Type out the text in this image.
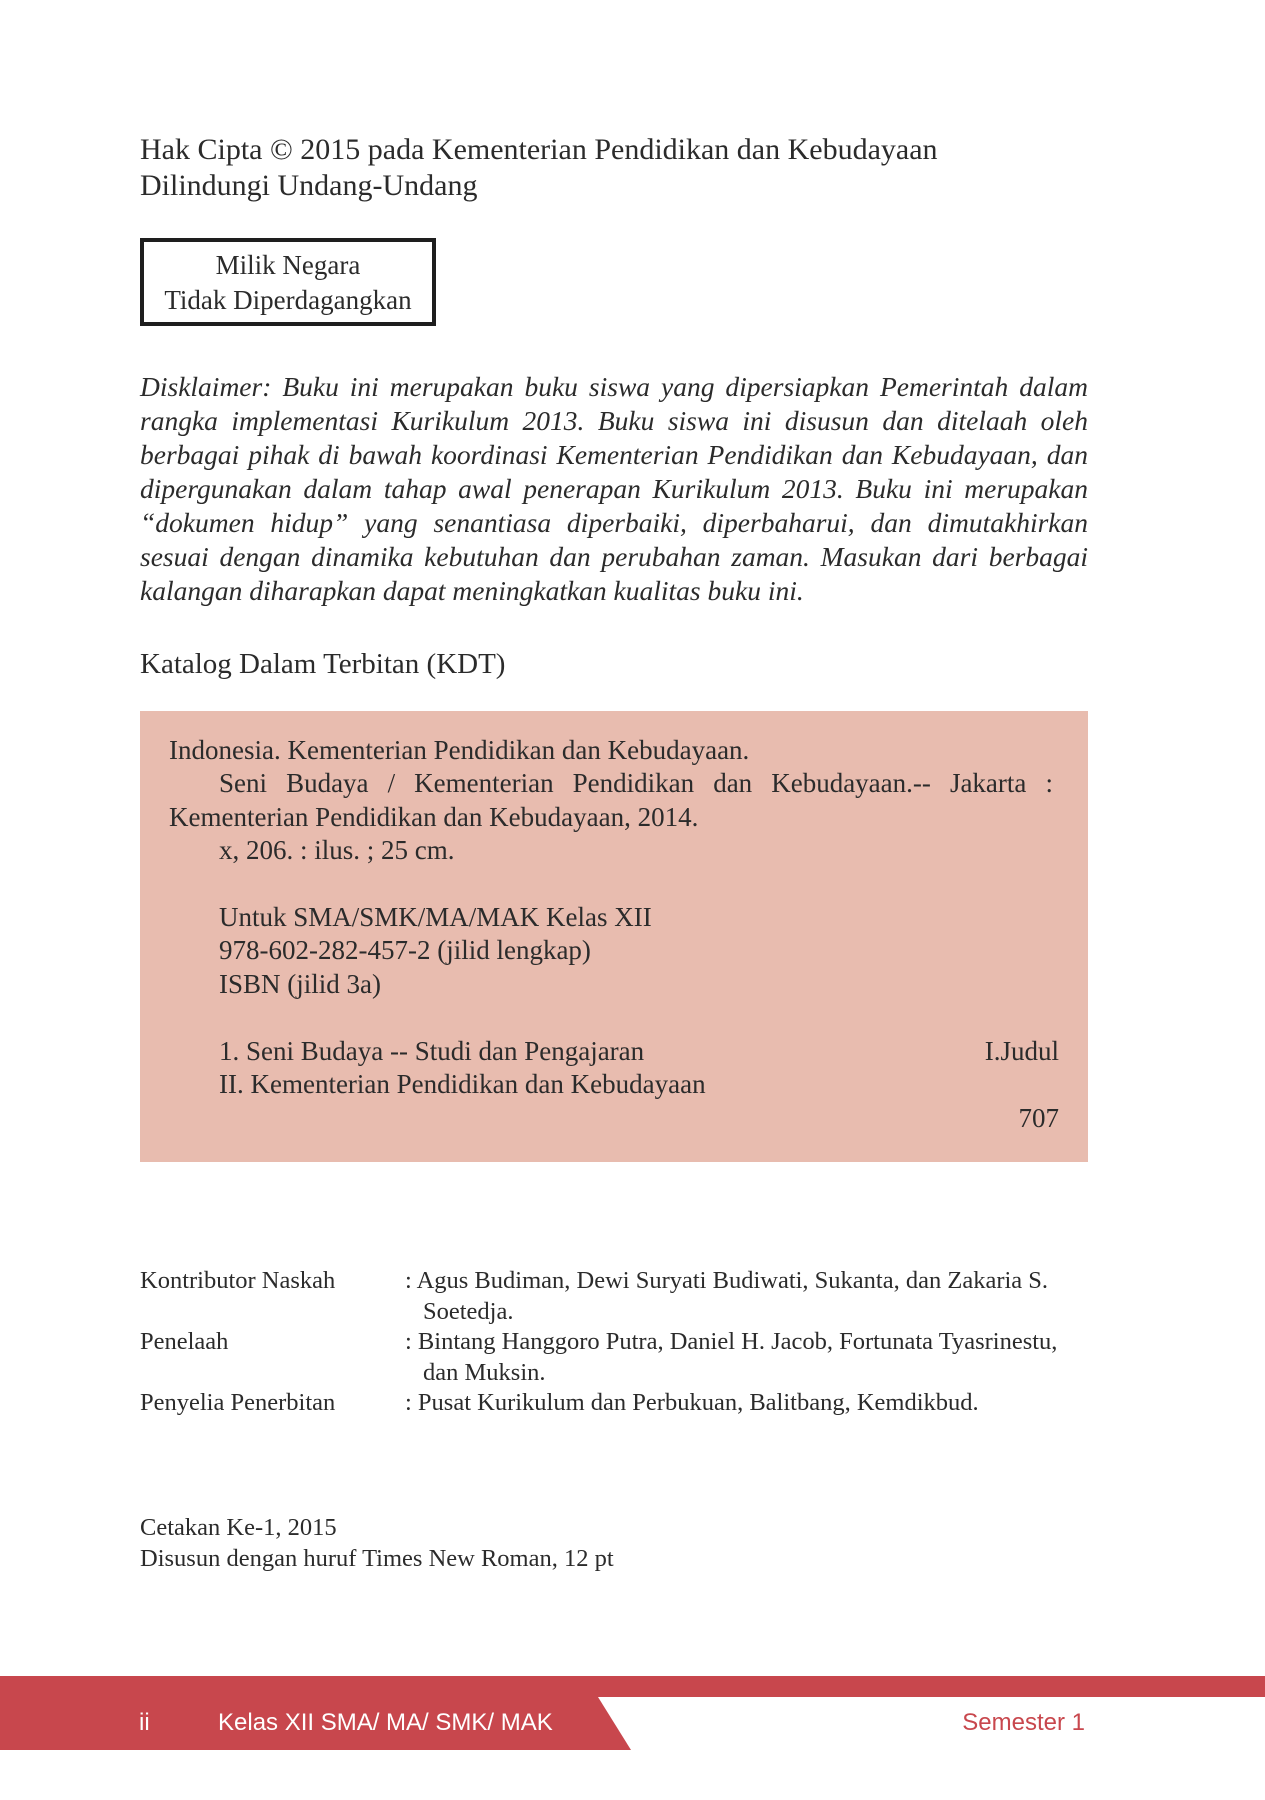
Hak Cipta © 2015 pada Kementerian Pendidikan dan Kebudayaan
Dilindungi Undang-Undang
Milik Negara
Tidak Diperdagangkan
Disklaimer: Buku ini merupakan buku siswa yang dipersiapkan Pemerintah dalam rangka implementasi Kurikulum 2013. Buku siswa ini disusun dan ditelaah oleh berbagai pihak di bawah koordinasi Kementerian Pendidikan dan Kebudayaan, dan dipergunakan dalam tahap awal penerapan Kurikulum 2013. Buku ini merupakan “dokumen hidup” yang senantiasa diperbaiki, diperbaharui, dan dimutakhirkan sesuai dengan dinamika kebutuhan dan perubahan zaman. Masukan dari berbagai kalangan diharapkan dapat meningkatkan kualitas buku ini.
Katalog Dalam Terbitan (KDT)
Indonesia. Kementerian Pendidikan dan Kebudayaan.
Seni Budaya / Kementerian Pendidikan dan Kebudayaan.-- Jakarta :
Kementerian Pendidikan dan Kebudayaan, 2014.
x, 206. : ilus. ; 25 cm.
Untuk SMA/SMK/MA/MAK Kelas XII
978-602-282-457-2 (jilid lengkap)
ISBN (jilid 3a)
1. Seni Budaya -- Studi dan Pengajaran	I.Judul
II. Kementerian Pendidikan dan Kebudayaan
707
Kontributor Naskah	: Agus Budiman, Dewi Suryati Budiwati, Sukanta, dan Zakaria S.
Soetedja.
Penelaah	: Bintang Hanggoro Putra, Daniel H. Jacob, Fortunata Tyasrinestu,
dan Muksin.
Penyelia Penerbitan	: Pusat Kurikulum dan Perbukuan, Balitbang, Kemdikbud.
Cetakan Ke-1, 2015
Disusun dengan huruf Times New Roman, 12 pt
ii	Kelas XII SMA/ MA/ SMK/ MAK	Semester 1
